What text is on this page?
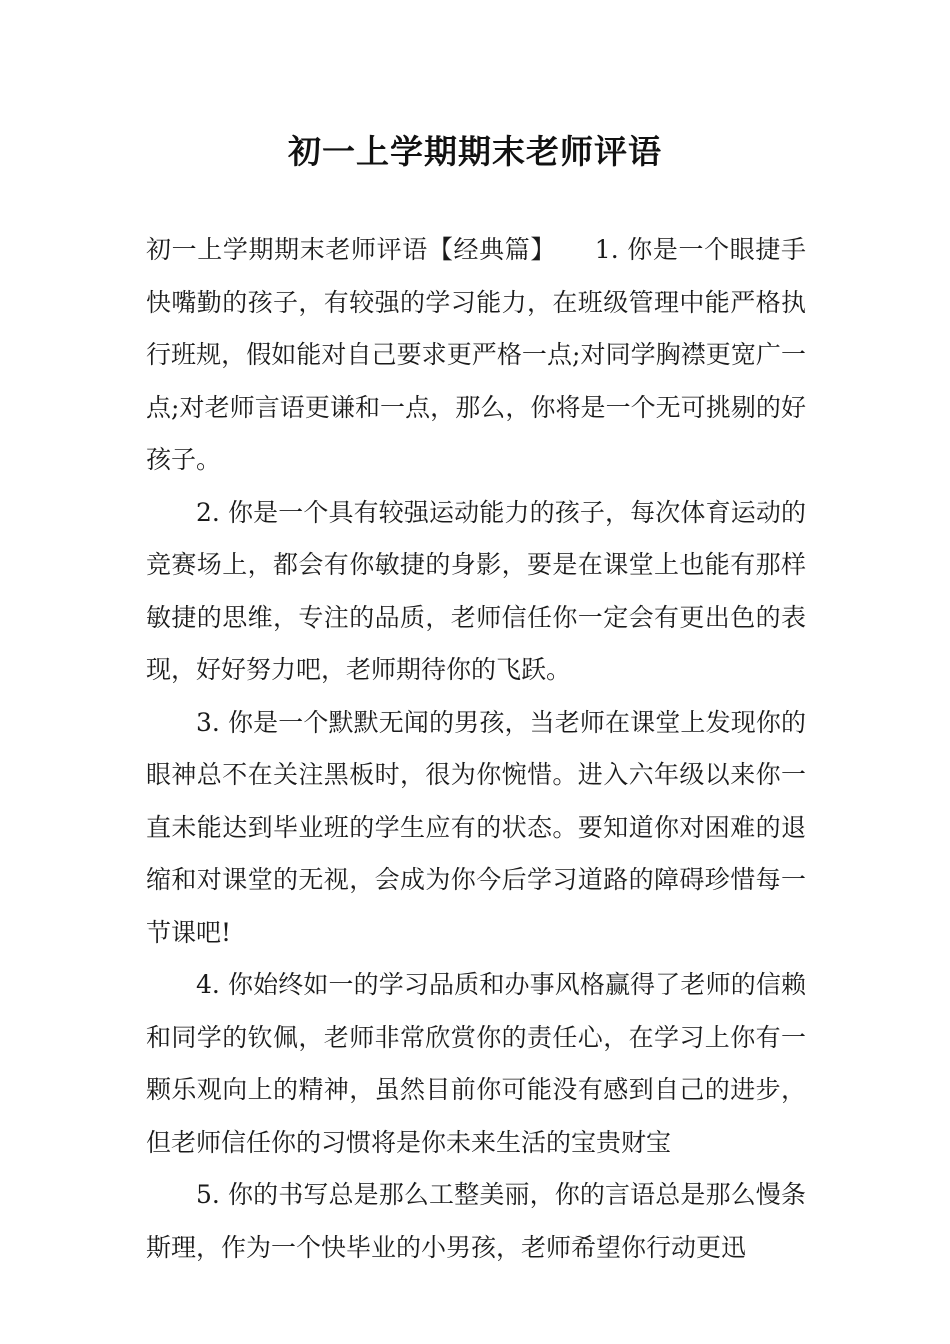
初一上学期期末老师评语

初一上学期期末老师评语【经典篇】　　1. 你是一个眼捷手快嘴勤的孩子，有较强的学习能力，在班级管理中能严格执行班规，假如能对自己要求更严格一点;对同学胸襟更宽广一点;对老师言语更谦和一点，那么，你将是一个无可挑剔的好孩子。

2. 你是一个具有较强运动能力的孩子，每次体育运动的竞赛场上，都会有你敏捷的身影，要是在课堂上也能有那样敏捷的思维，专注的品质，老师信任你一定会有更出色的表现，好好努力吧，老师期待你的飞跃。

3. 你是一个默默无闻的男孩，当老师在课堂上发现你的眼神总不在关注黑板时，很为你惋惜。进入六年级以来你一直未能达到毕业班的学生应有的状态。要知道你对困难的退缩和对课堂的无视，会成为你今后学习道路的障碍珍惜每一节课吧!

4. 你始终如一的学习品质和办事风格赢得了老师的信赖和同学的钦佩，老师非常欣赏你的责任心，在学习上你有一颗乐观向上的精神，虽然目前你可能没有感到自己的进步，但老师信任你的习惯将是你未来生活的宝贵财宝

5. 你的书写总是那么工整美丽，你的言语总是那么慢条斯理，作为一个快毕业的小男孩，老师希望你行动更迅
